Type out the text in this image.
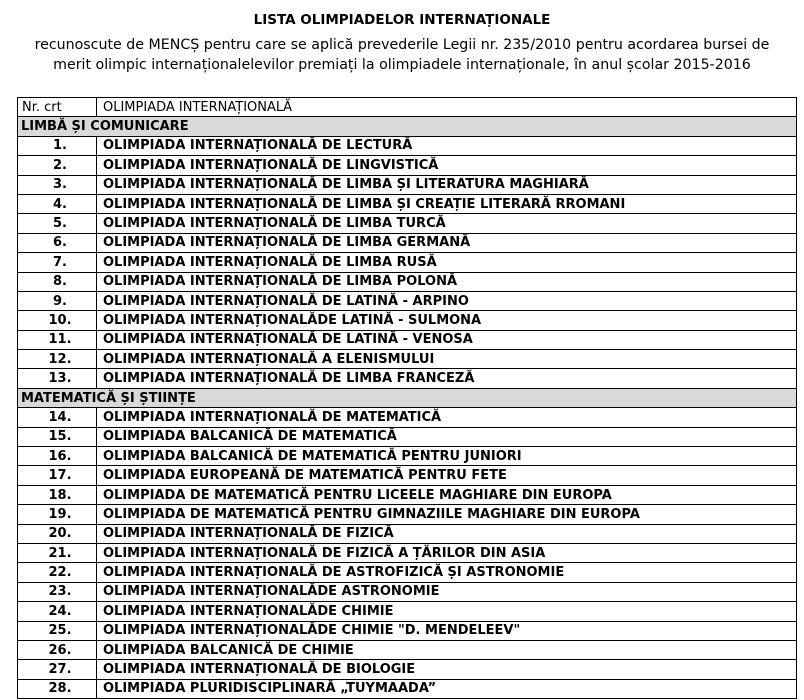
LISTA OLIMPIADELOR INTERNAȚIONALE
recunoscute de MENCȘ pentru care se aplică prevederile Legii nr. 235/2010 pentru acordarea bursei de
merit olimpic internaționalelevilor premiați la olimpiadele internaționale, în anul școlar 2015-2016
Nr. crt	OLIMPIADA INTERNAȚIONALĂ
LIMBĂ ȘI COMUNICARE	
1.	OLIMPIADA INTERNAȚIONALĂ DE LECTURĂ
2.	OLIMPIADA INTERNAȚIONALĂ DE LINGVISTICĂ
3.	OLIMPIADA INTERNAȚIONALĂ DE LIMBA ȘI LITERATURA MAGHIARĂ
4.	OLIMPIADA INTERNAȚIONALĂ DE LIMBA ȘI CREAȚIE LITERARĂ RROMANI
5.	OLIMPIADA INTERNAȚIONALĂ DE LIMBA TURCĂ
6.	OLIMPIADA INTERNAȚIONALĂ DE LIMBA GERMANĂ
7.	OLIMPIADA INTERNAȚIONALĂ DE LIMBA RUSĂ
8.	OLIMPIADA INTERNAȚIONALĂ DE LIMBA POLONĂ
9.	OLIMPIADA INTERNAȚIONALĂ DE LATINĂ - ARPINO
10.	OLIMPIADA INTERNAȚIONALĂDE LATINĂ - SULMONA
11.	OLIMPIADA INTERNAȚIONALĂ DE LATINĂ - VENOSA
12.	OLIMPIADA INTERNAȚIONALĂ A ELENISMULUI
13.	OLIMPIADA INTERNAȚIONALĂ DE LIMBA FRANCEZĂ
MATEMATICĂ ȘI ȘTIINȚE	
14.	OLIMPIADA INTERNAȚIONALĂ DE MATEMATICĂ
15.	OLIMPIADA BALCANICĂ DE MATEMATICĂ
16.	OLIMPIADA BALCANICĂ DE MATEMATICĂ PENTRU JUNIORI
17.	OLIMPIADA EUROPEANĂ DE MATEMATICĂ PENTRU FETE
18.	OLIMPIADA DE MATEMATICĂ PENTRU LICEELE MAGHIARE DIN EUROPA
19.	OLIMPIADA DE MATEMATICĂ PENTRU GIMNAZIILE MAGHIARE DIN EUROPA
20.	OLIMPIADA INTERNAȚIONALĂ DE FIZICĂ
21.	OLIMPIADA INTERNAȚIONALĂ DE FIZICĂ A ȚĂRILOR DIN ASIA
22.	OLIMPIADA INTERNAȚIONALĂ DE ASTROFIZICĂ ȘI ASTRONOMIE
23.	OLIMPIADA INTERNAȚIONALĂDE ASTRONOMIE
24.	OLIMPIADA INTERNAȚIONALĂDE CHIMIE
25.	OLIMPIADA INTERNAȚIONALĂDE CHIMIE "D. MENDELEEV"
26.	OLIMPIADA BALCANICĂ DE CHIMIE
27.	OLIMPIADA INTERNAȚIONALĂ DE BIOLOGIE
28.	OLIMPIADA PLURIDISCIPLINARĂ „TUYMAADA”
